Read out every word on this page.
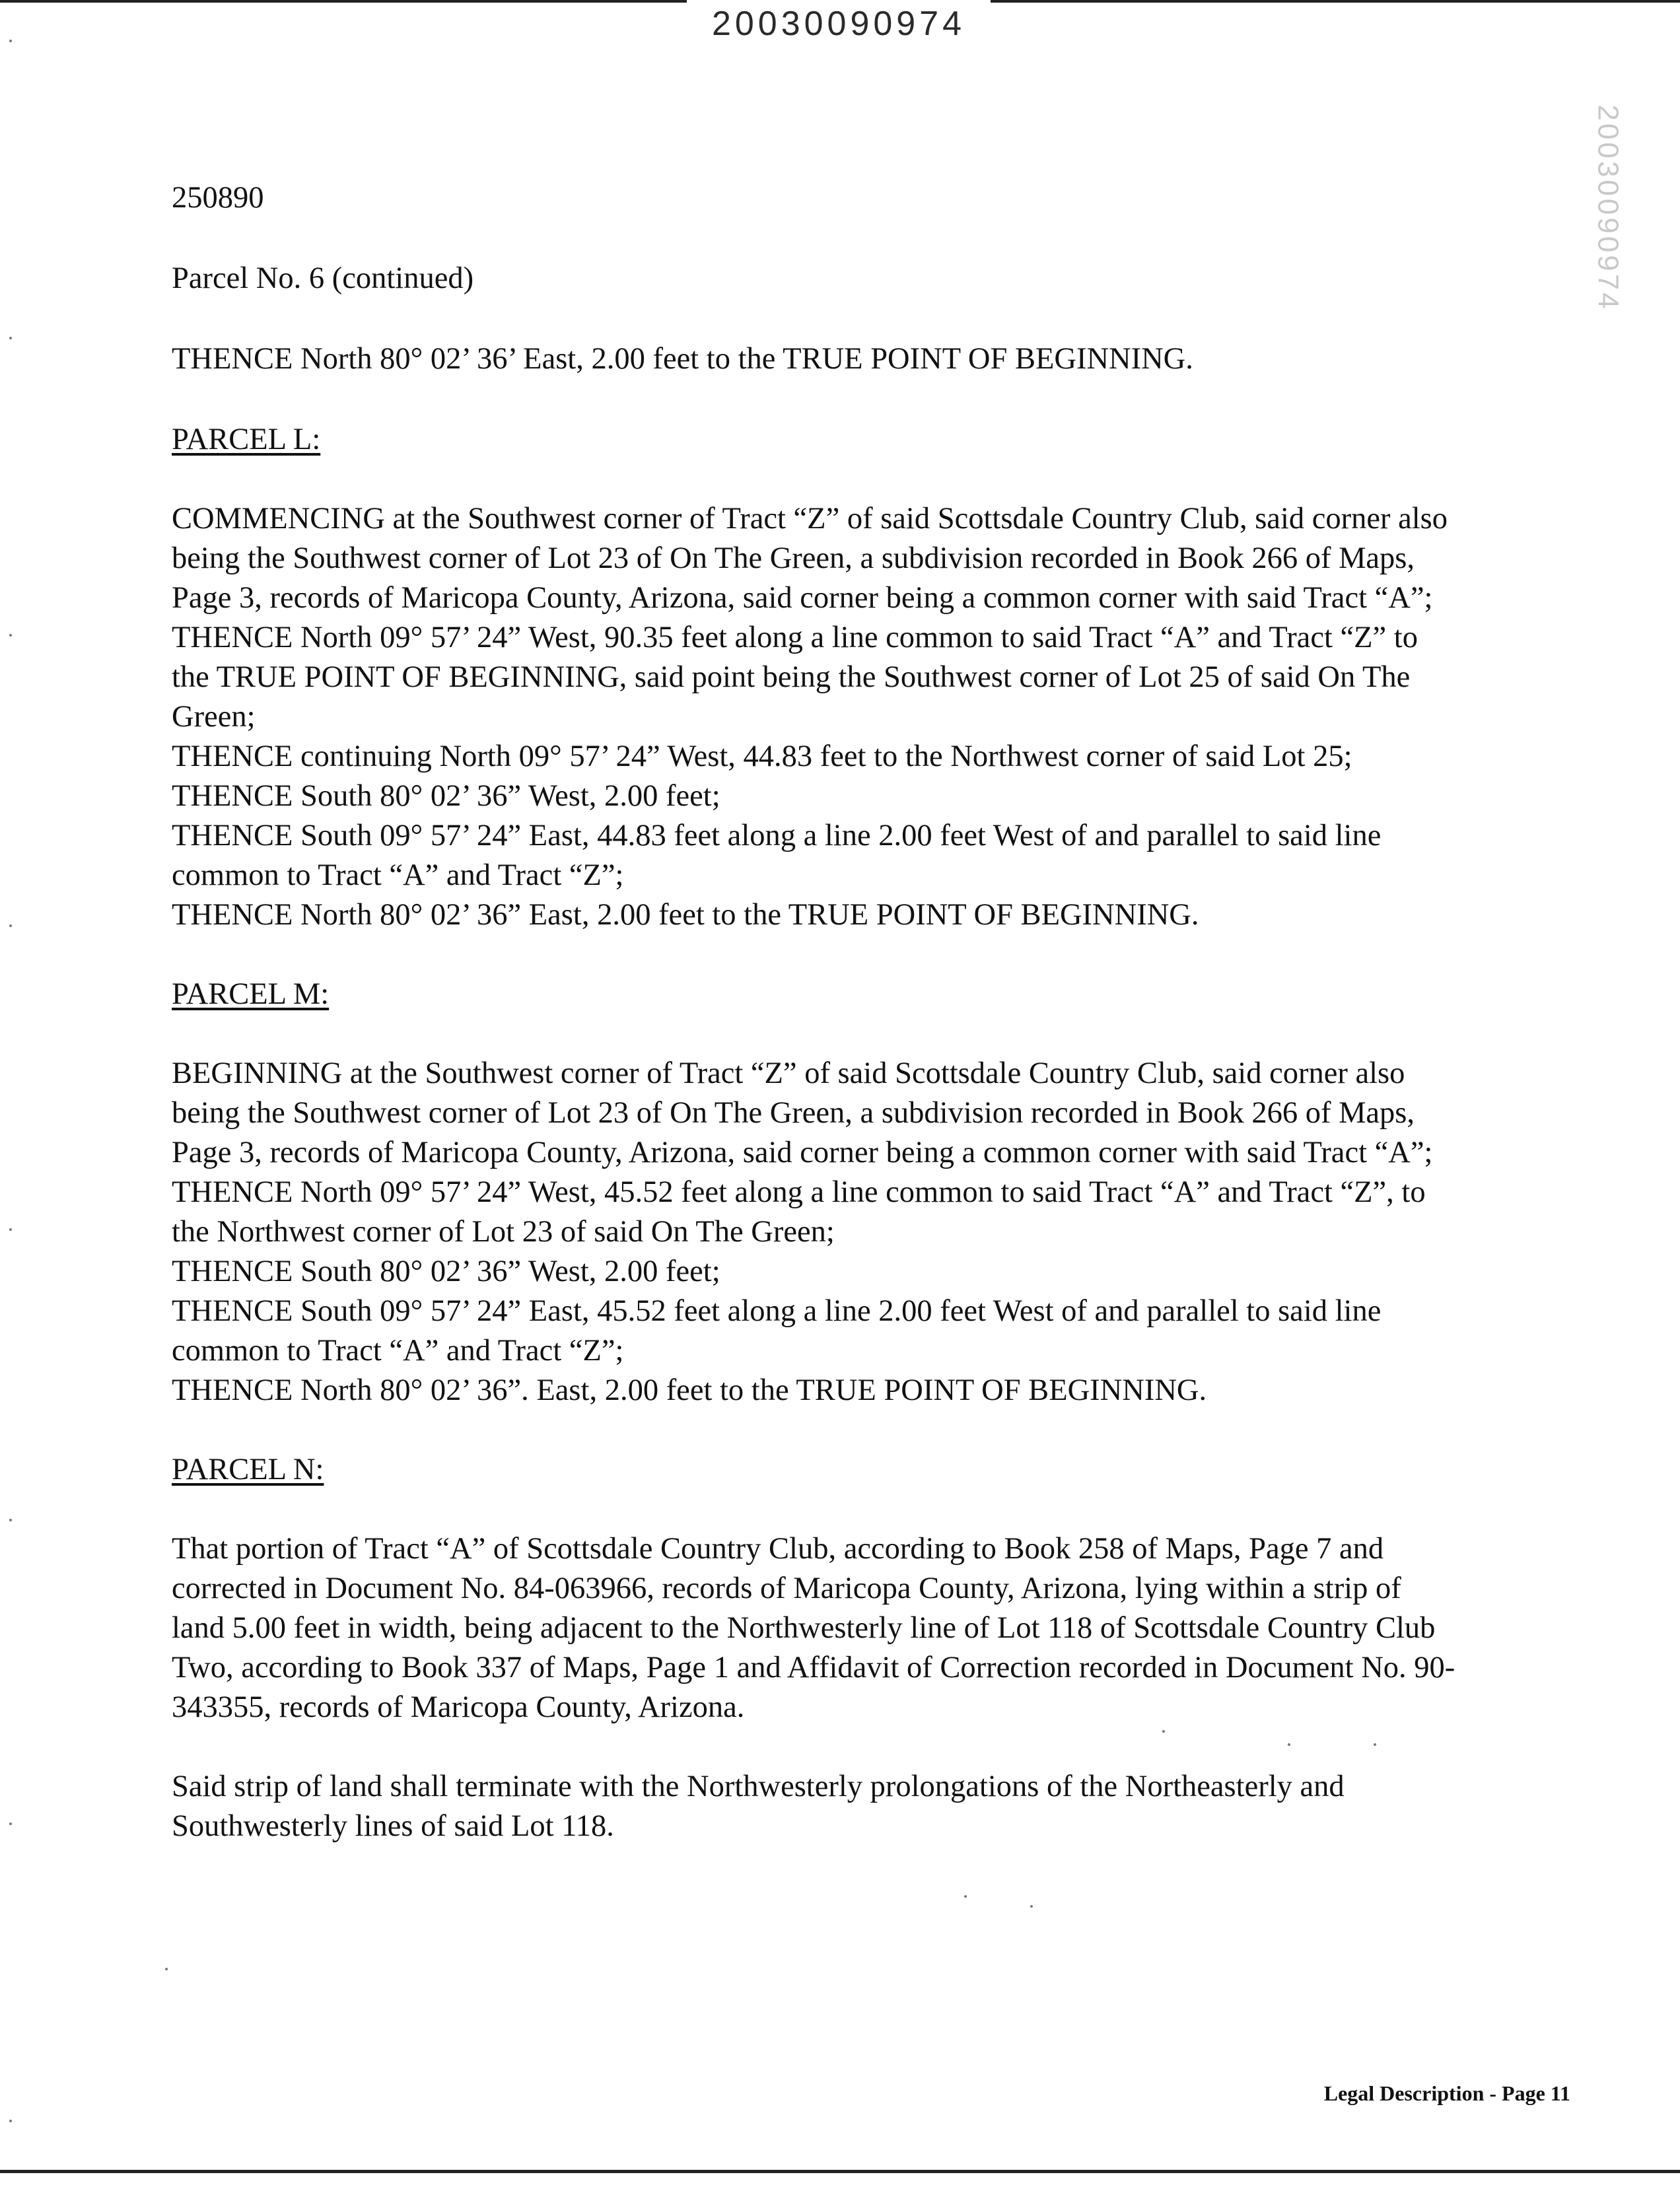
20030090974
20030090974

250890

Parcel No. 6 (continued)

THENCE North 80° 02’ 36’ East, 2.00 feet to the TRUE POINT OF BEGINNING.

PARCEL L:

COMMENCING at the Southwest corner of Tract “Z” of said Scottsdale Country Club, said corner also
being the Southwest corner of Lot 23 of On The Green, a subdivision recorded in Book 266 of Maps,
Page 3, records of Maricopa County, Arizona, said corner being a common corner with said Tract “A”;
THENCE North 09° 57’ 24” West, 90.35 feet along a line common to said Tract “A” and Tract “Z” to
the TRUE POINT OF BEGINNING, said point being the Southwest corner of Lot 25 of said On The
Green;
THENCE continuing North 09° 57’ 24” West, 44.83 feet to the Northwest corner of said Lot 25;
THENCE South 80° 02’ 36” West, 2.00 feet;
THENCE South 09° 57’ 24” East, 44.83 feet along a line 2.00 feet West of and parallel to said line
common to Tract “A” and Tract “Z”;
THENCE North 80° 02’ 36” East, 2.00 feet to the TRUE POINT OF BEGINNING.

PARCEL M:

BEGINNING at the Southwest corner of Tract “Z” of said Scottsdale Country Club, said corner also
being the Southwest corner of Lot 23 of On The Green, a subdivision recorded in Book 266 of Maps,
Page 3, records of Maricopa County, Arizona, said corner being a common corner with said Tract “A”;
THENCE North 09° 57’ 24” West, 45.52 feet along a line common to said Tract “A” and Tract “Z”, to
the Northwest corner of Lot 23 of said On The Green;
THENCE South 80° 02’ 36” West, 2.00 feet;
THENCE South 09° 57’ 24” East, 45.52 feet along a line 2.00 feet West of and parallel to said line
common to Tract “A” and Tract “Z”;
THENCE North 80° 02’ 36”. East, 2.00 feet to the TRUE POINT OF BEGINNING.

PARCEL N:

That portion of Tract “A” of Scottsdale Country Club, according to Book 258 of Maps, Page 7 and
corrected in Document No. 84-063966, records of Maricopa County, Arizona, lying within a strip of
land 5.00 feet in width, being adjacent to the Northwesterly line of Lot 118 of Scottsdale Country Club
Two, according to Book 337 of Maps, Page 1 and Affidavit of Correction recorded in Document No. 90-
343355, records of Maricopa County, Arizona.

Said strip of land shall terminate with the Northwesterly prolongations of the Northeasterly and
Southwesterly lines of said Lot 118.

Legal Description - Page 11
